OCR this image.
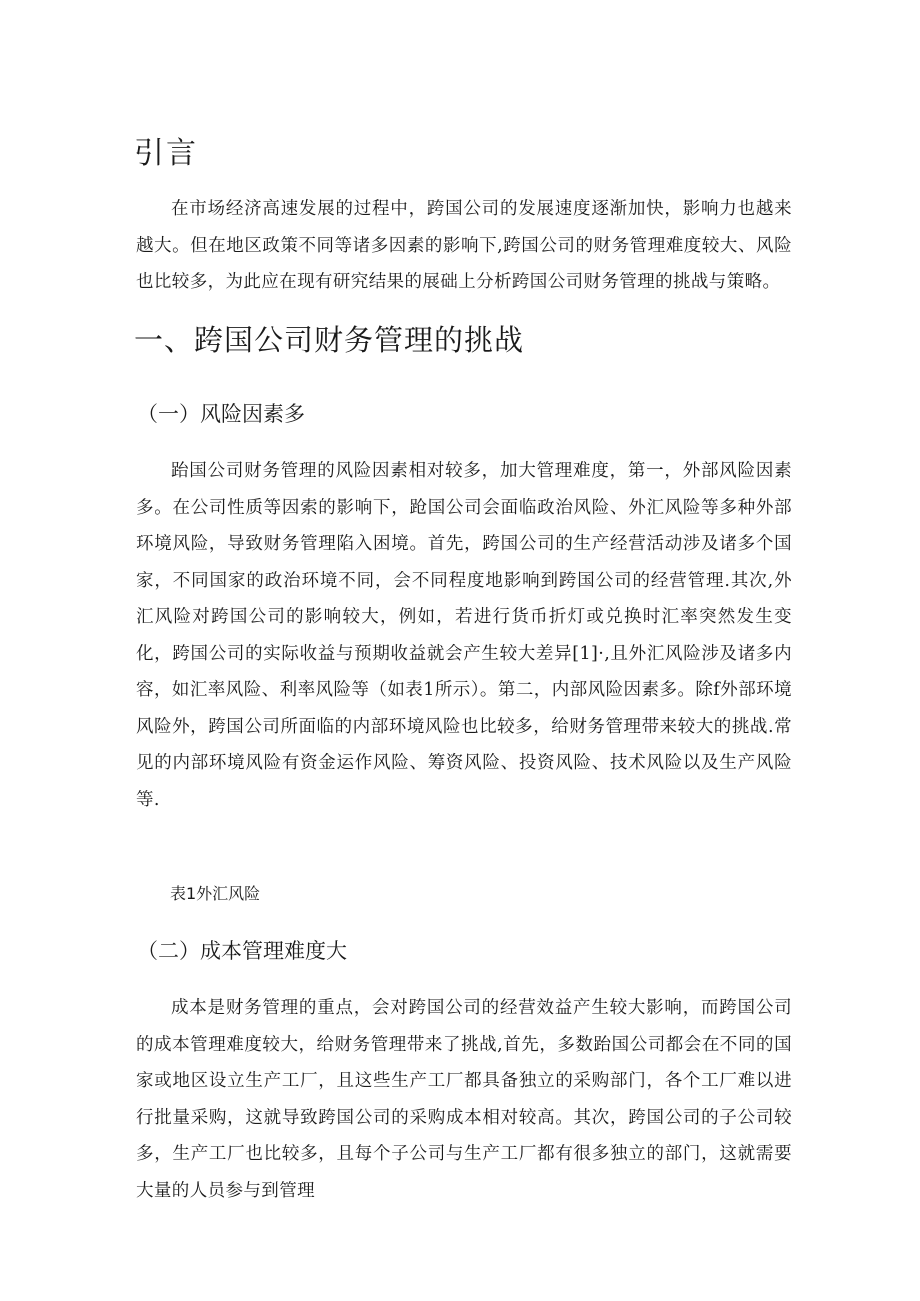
引言

在市场经济高速发展的过程中，跨国公司的发展速度逐渐加快，影响力也越来越大。但在地区政策不同等诸多因素的影响下,跨国公司的财务管理难度较大、风险也比较多，为此应在现有研究结果的展础上分析跨国公司财务管理的挑战与策略。

一、跨国公司财务管理的挑战
（一）风险因素多

跆国公司财务管理的风险因素相对较多，加大管理难度，第一，外部风险因素多。在公司性质等因索的影响下，跄国公司会面临政治风险、外汇风险等多种外部环境风险，导致财务管理陷入困境。首先，跨国公司的生产经营活动涉及诸多个国家，不同国家的政治环境不同，会不同程度地影响到跨国公司的经营管理.其次,外汇风险对跨国公司的影响较大，例如，若进行货币折灯或兑换时汇率突然发生变化，跨国公司的实际收益与预期收益就会产生较大差异[1]·,且外汇风险涉及诸多内容，如汇率风险、利率风险等（如表1所示）。第二，内部风险因素多。除f外部环境风险外，跨国公司所面临的内部环境风险也比较多，给财务管理带来较大的挑战.常见的内部环境风险有资金运作风险、筹资风险、投资风险、技术风险以及生产风险等.

表1外汇风险

（二）成本管理难度大

成本是财务管理的重点，会对跨国公司的经营效益产生较大影响，而跨国公司的成本管理难度较大，给财务管理带来了挑战,首先，多数跆国公司都会在不同的国家或地区设立生产工厂，且这些生产工厂都具备独立的采购部门，各个工厂难以进行批量采购，这就导致跨国公司的采购成本相对较高。其次，跨国公司的子公司较多，生产工厂也比较多，且每个子公司与生产工厂都有很多独立的部门，这就需要大量的人员参与到管理
